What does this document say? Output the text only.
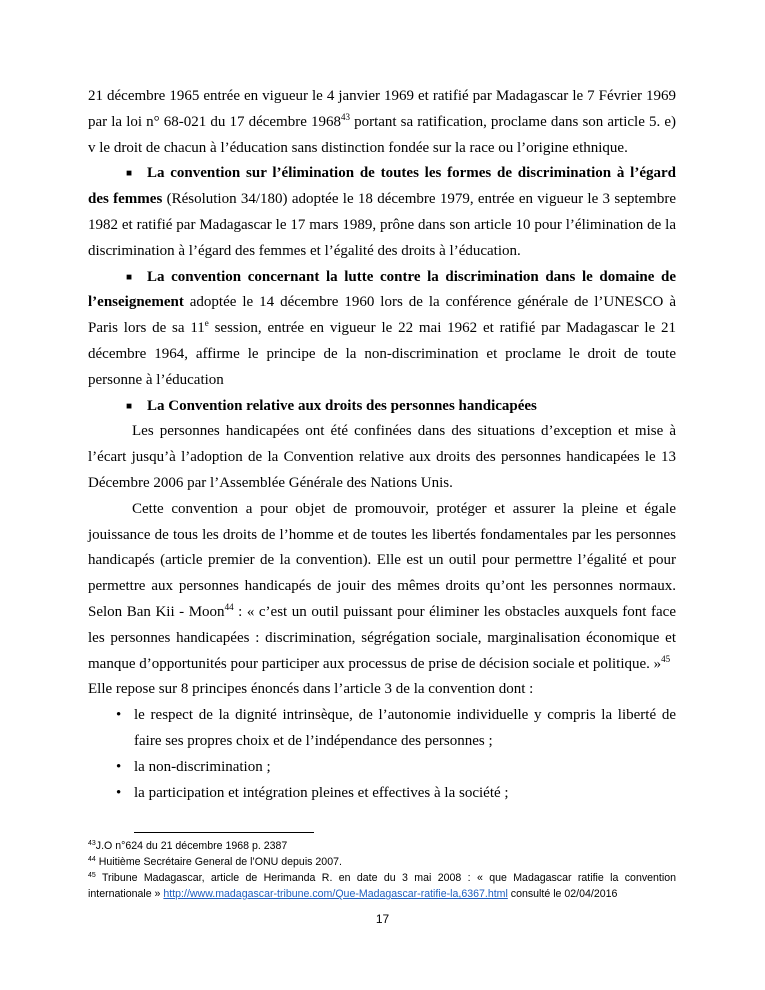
21 décembre 1965 entrée en vigueur le 4 janvier 1969 et ratifié par Madagascar le 7 Février 1969 par la loi n° 68-021 du 17 décembre 1968$^{43}$ portant sa ratification, proclame dans son article 5. e) v le droit de chacun à l’éducation sans distinction fondée sur la race ou l’origine ethnique.

■ La convention sur l’élimination de toutes les formes de discrimination à l’égard des femmes (Résolution 34/180) adoptée le 18 décembre 1979, entrée en vigueur le 3 septembre 1982 et ratifié par Madagascar le 17 mars 1989, prône dans son article 10 pour l’élimination de la discrimination à l’égard des femmes et l’égalité des droits à l’éducation.

■ La convention concernant la lutte contre la discrimination dans le domaine de l’enseignement adoptée le 14 décembre 1960 lors de la conférence générale de l’UNESCO à Paris lors de sa 11e session, entrée en vigueur le 22 mai 1962 et ratifié par Madagascar le 21 décembre 1964, affirme le principe de la non-discrimination et proclame le droit de toute personne à l’éducation

■ La Convention relative aux droits des personnes handicapées

Les personnes handicapées ont été confinées dans des situations d’exception et mise à l’écart jusqu’à l’adoption de la Convention relative aux droits des personnes handicapées le 13 Décembre 2006 par l’Assemblée Générale des Nations Unis.

Cette convention a pour objet de promouvoir, protéger et assurer la pleine et égale jouissance de tous les droits de l’homme et de toutes les libertés fondamentales par les personnes handicapés (article premier de la convention). Elle est un outil pour permettre l’égalité et pour permettre aux personnes handicapés de jouir des mêmes droits qu’ont les personnes normaux. Selon Ban Kii - Moon$^{44}$ : « c’est un outil puissant pour éliminer les obstacles auxquels font face les personnes handicapées : discrimination, ségrégation sociale, marginalisation économique et manque d’opportunités pour participer aux processus de prise de décision sociale et politique. »$^{45}$

Elle repose sur 8 principes énoncés dans l’article 3 de la convention dont :

• le respect de la dignité intrinsèque, de l’autonomie individuelle y compris la liberté de faire ses propres choix et de l’indépendance des personnes ;

• la non-discrimination ;

• la participation et intégration pleines et effectives à la société ;

$^{43}$J.O n°624 du 21 décembre 1968 p. 2387
$^{44}$ Huitième Secrétaire General de l’ONU depuis 2007.
$^{45}$ Tribune Madagascar, article de Herimanda R. en date du 3 mai 2008 : « que Madagascar ratifie la convention internationale » http://www.madagascar-tribune.com/Que-Madagascar-ratifie-la,6367.html consulté le 02/04/2016
17
